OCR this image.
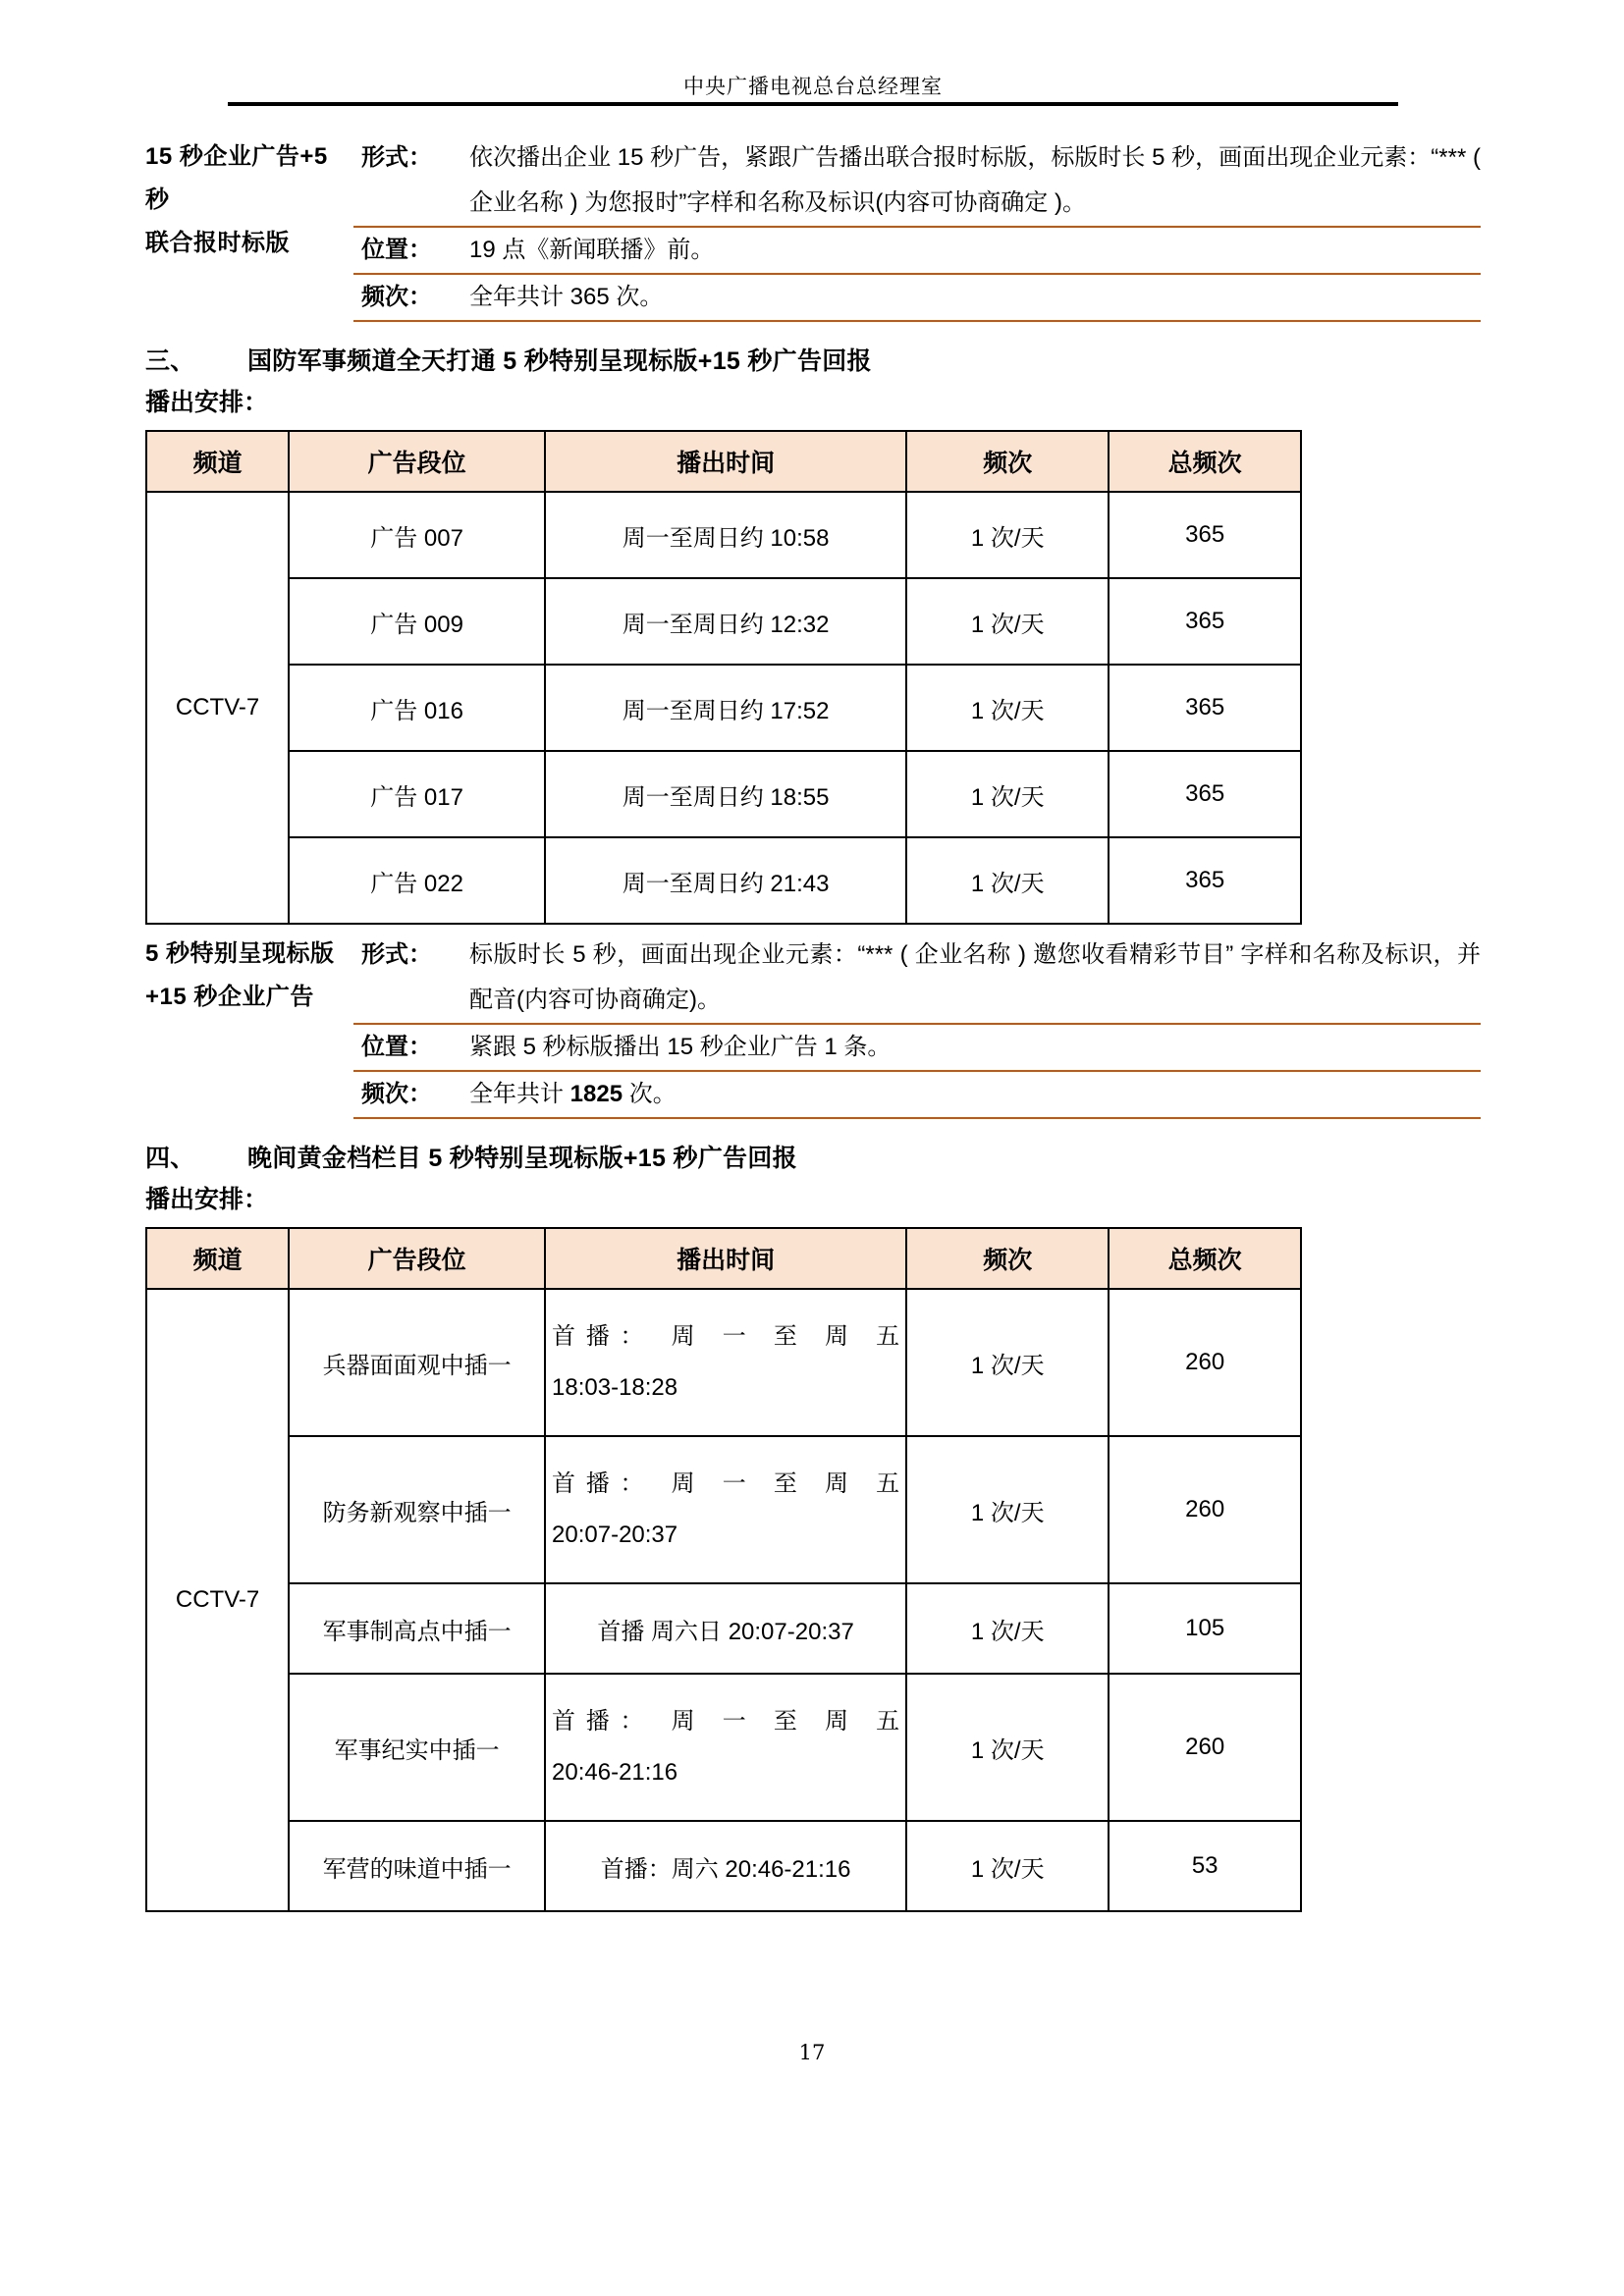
中央广播电视总台总经理室
15 秒企业广告+5 秒
联合报时标版
形式：	依次播出企业 15 秒广告，紧跟广告播出联合报时标版，标版时长 5 秒，画面出现企业元素：“*** ( 企业名称 ) 为您报时”字样和名称及标识(内容可协商确定 )。
位置：	19 点《新闻联播》前。
频次：	全年共计 365 次。
三、 国防军事频道全天打通 5 秒特别呈现标版+15 秒广告回报
播出安排：
频道	广告段位	播出时间	频次	总频次
CCTV-7	广告 007	周一至周日约 10:58	1 次/天	365
	广告 009	周一至周日约 12:32	1 次/天	365
	广告 016	周一至周日约 17:52	1 次/天	365
	广告 017	周一至周日约 18:55	1 次/天	365
	广告 022	周一至周日约 21:43	1 次/天	365
5 秒特别呈现标版
+15 秒企业广告
形式：	标版时长 5 秒，画面出现企业元素：“*** ( 企业名称 ) 邀您收看精彩节目” 字样和名称及标识，并配音(内容可协商确定)。
位置：	紧跟 5 秒标版播出 15 秒企业广告 1 条。
频次：	全年共计 1825 次。
四、 晚间黄金档栏目 5 秒特别呈现标版+15 秒广告回报
播出安排：
频道	广告段位	播出时间	频次	总频次
CCTV-7	兵器面面观中插一	首播： 周 一 至 周 五
18:03-18:28	1 次/天	260
	防务新观察中插一	首播： 周 一 至 周 五
20:07-20:37	1 次/天	260
	军事制高点中插一	首播 周六日 20:07-20:37	1 次/天	105
	军事纪实中插一	首播： 周 一 至 周 五
20:46-21:16	1 次/天	260
	军营的味道中插一	首播：周六 20:46-21:16	1 次/天	53
17
